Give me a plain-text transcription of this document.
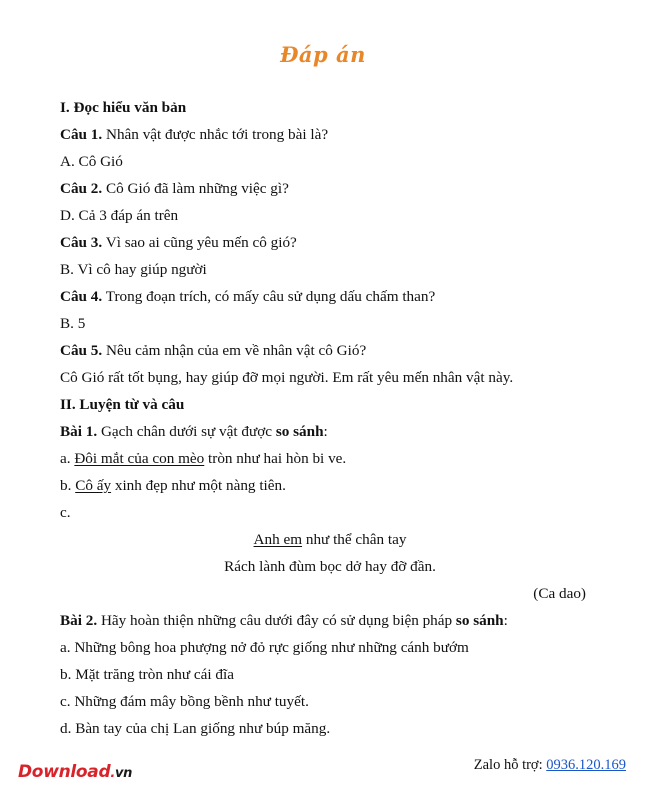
Đáp án
I. Đọc hiểu văn bản
Câu 1. Nhân vật được nhắc tới trong bài là?
A. Cô Gió
Câu 2. Cô Gió đã làm những việc gì?
D. Cả 3 đáp án trên
Câu 3. Vì sao ai cũng yêu mến cô gió?
B. Vì cô hay giúp người
Câu 4. Trong đoạn trích, có mấy câu sử dụng dấu chấm than?
B. 5
Câu 5. Nêu cảm nhận của em về nhân vật cô Gió?
Cô Gió rất tốt bụng, hay giúp đỡ mọi người. Em rất yêu mến nhân vật này.
II. Luyện từ và câu
Bài 1. Gạch chân dưới sự vật được so sánh:
a. Đôi mắt của con mèo tròn như hai hòn bi ve.
b. Cô ấy xinh đẹp như một nàng tiên.
c.
Anh em như thể chân tay
Rách lành đùm bọc dở hay đỡ đần.
(Ca dao)
Bài 2. Hãy hoàn thiện những câu dưới đây có sử dụng biện pháp so sánh:
a. Những bông hoa phượng nở đỏ rực giống như những cánh bướm
b. Mặt trăng tròn như cái đĩa
c. Những đám mây bồng bềnh như tuyết.
d. Bàn tay của chị Lan giống như búp măng.
Download.vn
Zalo hỗ trợ: 0936.120.169
